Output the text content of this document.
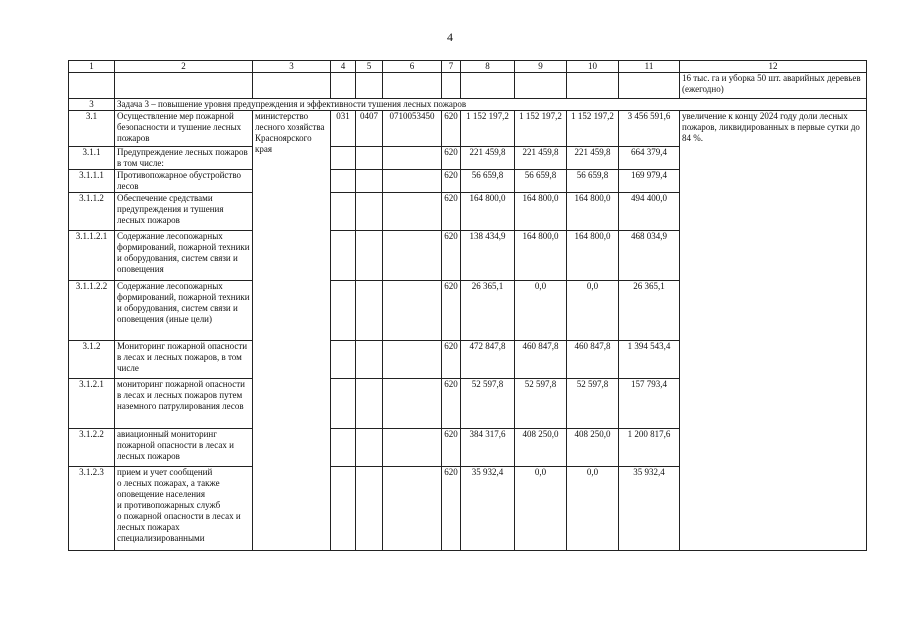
4
1	2	3	4	5	6	7	8	9	10	11	12
											16 тыс. га и уборка 50 шт. аварийных деревьев (ежегодно)
3	Задача 3 – повышение уровня предупреждения и эффективности тушения лесных пожаров										
3.1	Осуществление мер пожарной безопасности и тушение лесных пожаров	министерство лесного хозяйства Красноярского края	031	0407	0710053450	620	1 152 197,2	1 152 197,2	1 152 197,2	3 456 591,6	увеличение к концу 2024 году доли лесных пожаров, ликвидированных в первые сутки до 84 %.
3.1.1	Предупреждение лесных пожаров в том числе:					620	221 459,8	221 459,8	221 459,8	664 379,4	
3.1.1.1	Противопожарное обустройство лесов					620	56 659,8	56 659,8	56 659,8	169 979,4	
3.1.1.2	Обеспечение средствами предупреждения и тушения лесных пожаров					620	164 800,0	164 800,0	164 800,0	494 400,0	
3.1.1.2.1	Содержание лесопожарных формирований, пожарной техники и оборудования, систем связи и оповещения					620	138 434,9	164 800,0	164 800,0	468 034,9	
3.1.1.2.2	Содержание лесопожарных формирований, пожарной техники и оборудования, систем связи и оповещения (иные цели)					620	26 365,1	0,0	0,0	26 365,1	
3.1.2	Мониторинг пожарной опасности в лесах и лесных пожаров, в том числе					620	472 847,8	460 847,8	460 847,8	1 394 543,4	
3.1.2.1	мониторинг пожарной опасности в лесах и лесных пожаров путем наземного патрулирования лесов					620	52 597,8	52 597,8	52 597,8	157 793,4	
3.1.2.2	авиационный мониторинг пожарной опасности в лесах и лесных пожаров					620	384 317,6	408 250,0	408 250,0	1 200 817,6	
3.1.2.3	прием и учет сообщений
о лесных пожарах, а также оповещение населения
и противопожарных служб
о пожарной опасности в лесах и лесных пожарах специализированными					620	35 932,4	0,0	0,0	35 932,4	
